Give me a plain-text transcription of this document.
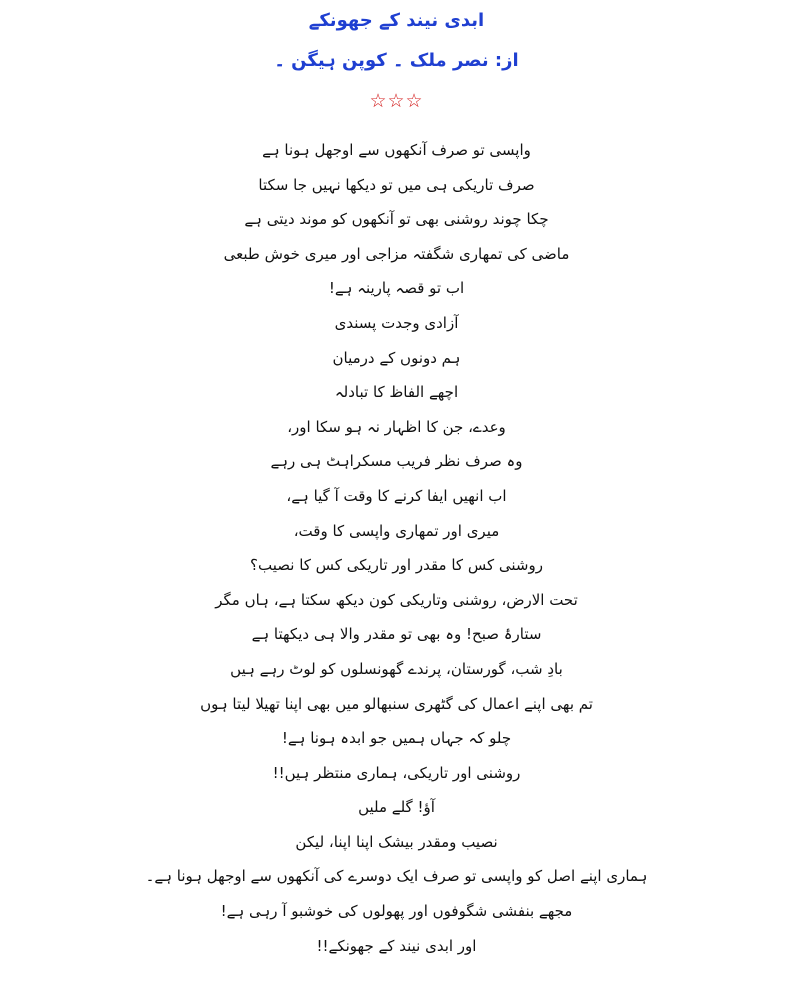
ابدی نیند کے جھونکے
از: نصر ملک ۔ کوپن ہیگن ۔
☆☆☆
واپسی تو صرف آنکھوں سے اوجھل ہونا ہے
صرف تاریکی ہی میں تو دیکھا نہیں جا سکتا
چکا چوند روشنی بھی تو آنکھوں کو موند دیتی ہے
ماضی کی تمھاری شگفتہ مزاجی اور میری خوش طبعی
اب تو قصہ پارینہ ہے!
آزادی وجدت پسندی
ہم دونوں کے درمیان
اچھے الفاظ کا تبادلہ
وعدے، جن کا اظہار نہ ہو سکا اور،
وہ صرف نظر فریب مسکراہٹ ہی رہے
اب انھیں ایفا کرنے کا وقت آ گیا ہے،
میری اور تمھاری واپسی کا وقت،
روشنی کس کا مقدر اور تاریکی کس کا نصیب؟
تحت الارض، روشنی وتاریکی کون دیکھ سکتا ہے، ہاں مگر
ستارۂ صبح! وہ بھی تو مقدر والا ہی دیکھتا ہے
بادِ شب، گورستان، پرندے گھونسلوں کو لوٹ رہے ہیں
تم بھی اپنے اعمال کی گٹھری سنبھالو میں بھی اپنا تھیلا لیتا ہوں
چلو کہ جہاں ہمیں جو ابدہ ہونا ہے!
روشنی اور تاریکی، ہماری منتظر ہیں!!
آؤ! گلے ملیں
نصیب ومقدر بیشک اپنا اپنا، لیکن
ہماری اپنے اصل کو واپسی تو صرف ایک دوسرے کی آنکھوں سے اوجھل ہونا ہے۔
مجھے بنفشی شگوفوں اور پھولوں کی خوشبو آ رہی ہے!
اور ابدی نیند کے جھونکے!!
